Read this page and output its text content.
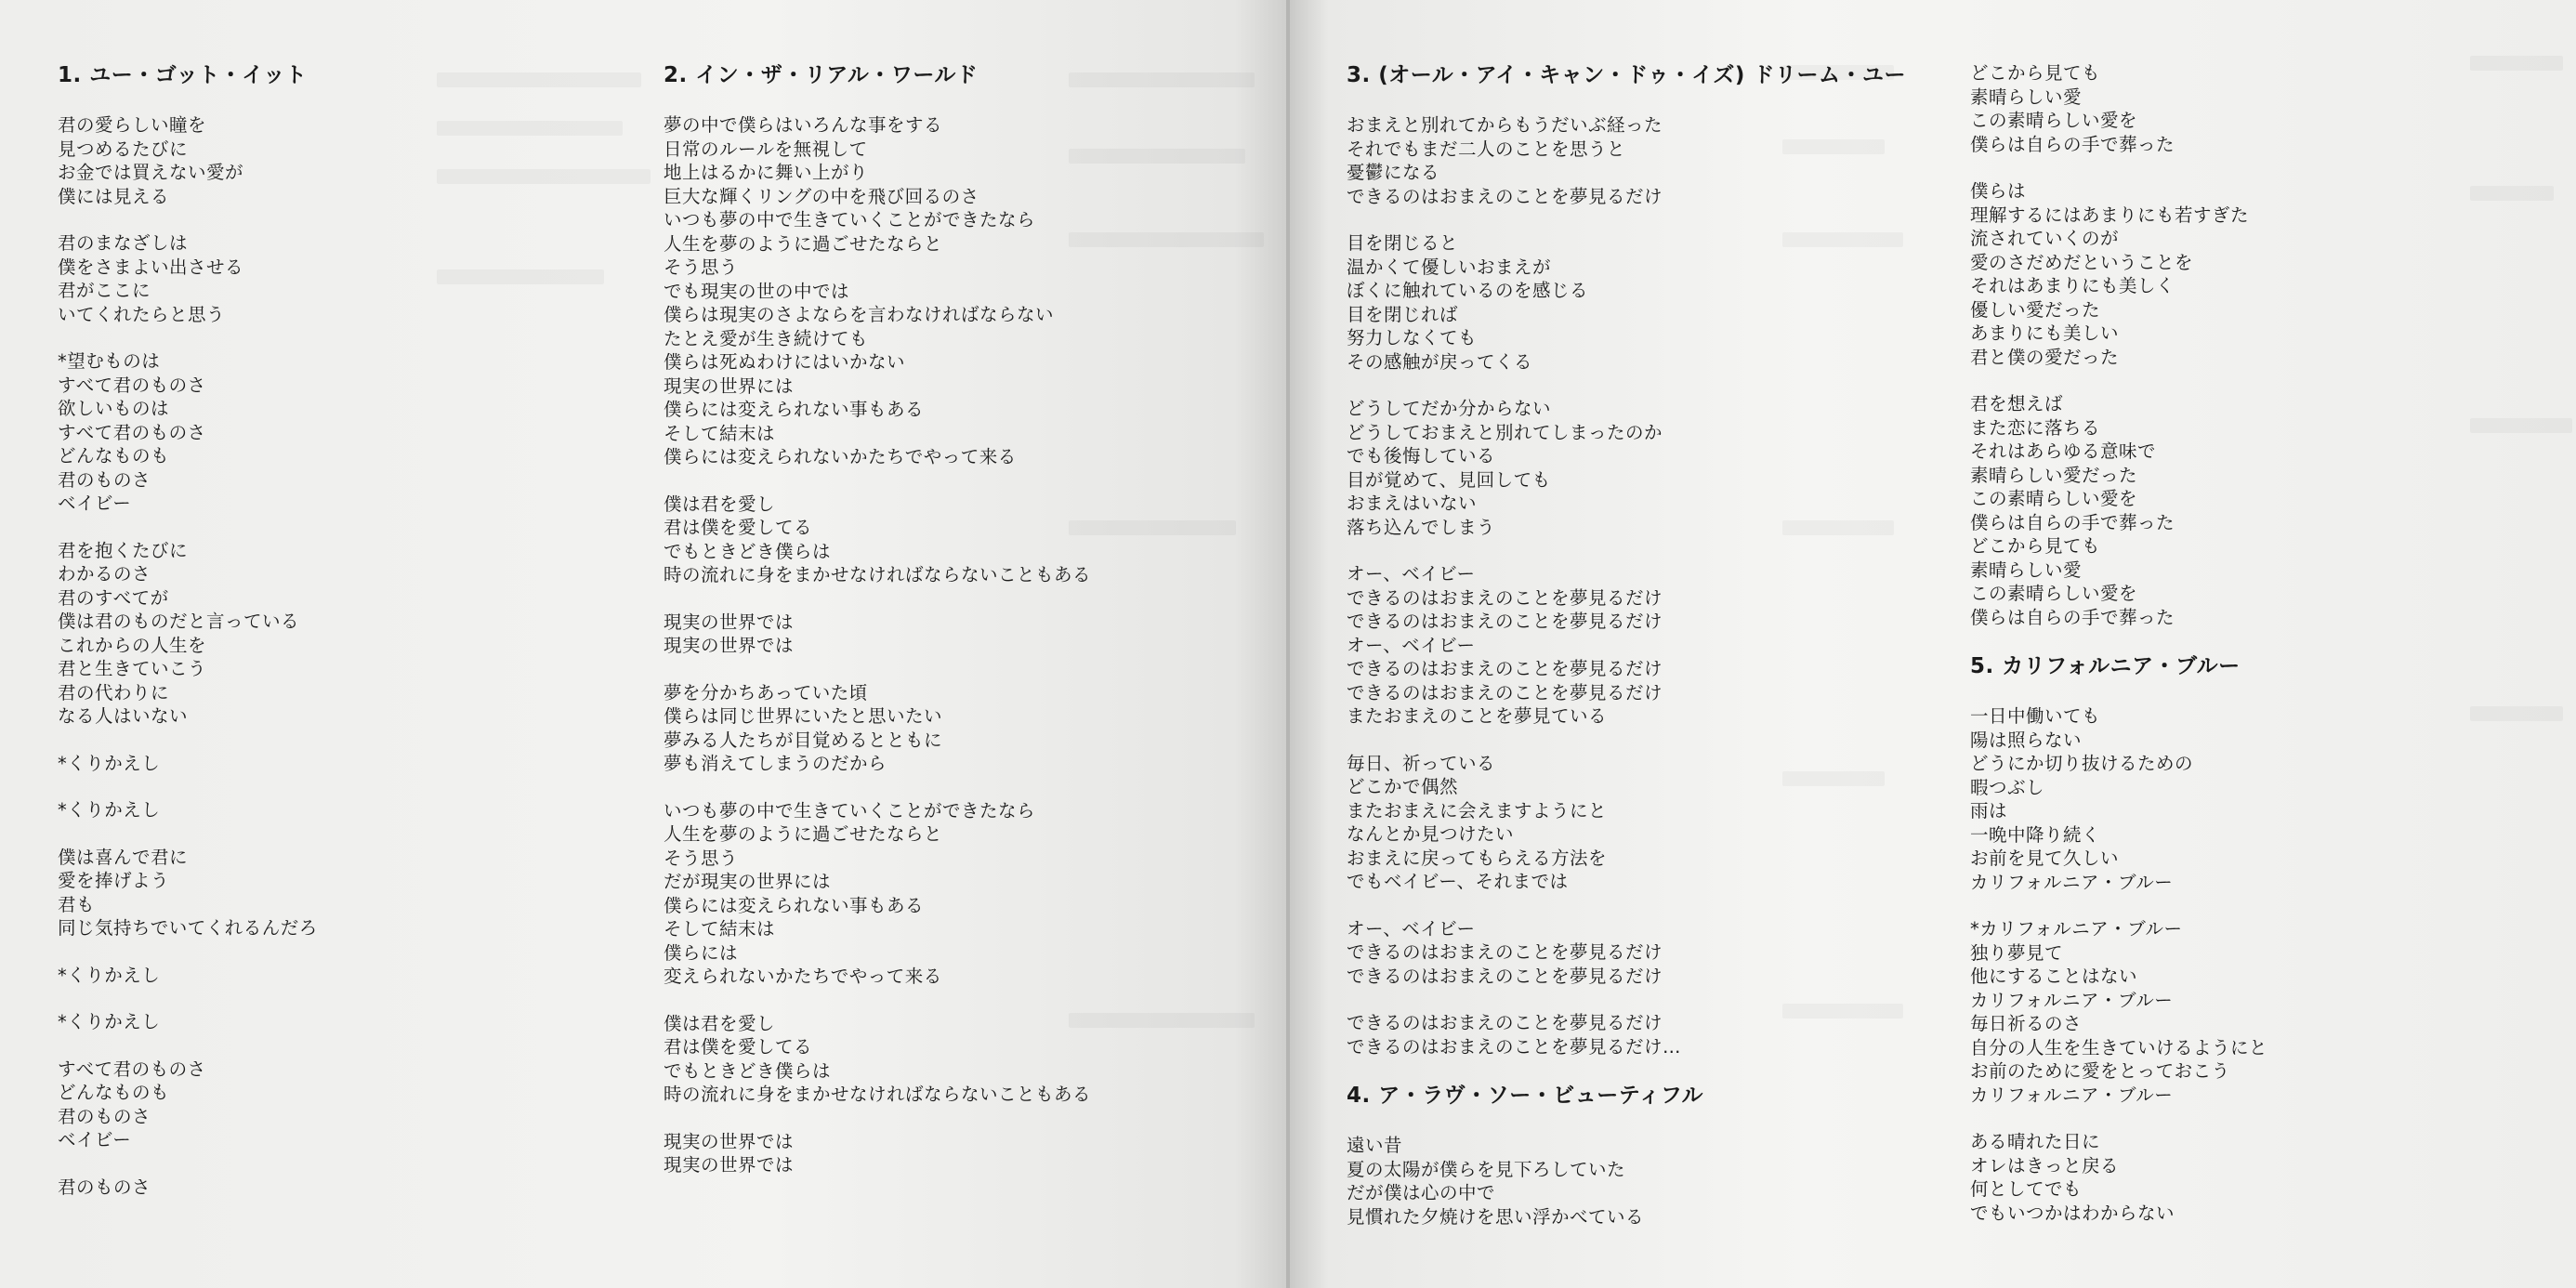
1. ユー・ゴット・イット
君の愛らしい瞳を
見つめるたびに
お金では買えない愛が
僕には見える
君のまなざしは
僕をさまよい出させる
君がここに
いてくれたらと思う
*望むものは
すべて君のものさ
欲しいものは
すべて君のものさ
どんなものも
君のものさ
ベイビー
君を抱くたびに
わかるのさ
君のすべてが
僕は君のものだと言っている
これからの人生を
君と生きていこう
君の代わりに
なる人はいない
*くりかえし
*くりかえし
僕は喜んで君に
愛を捧げよう
君も
同じ気持ちでいてくれるんだろ
*くりかえし
*くりかえし
すべて君のものさ
どんなものも
君のものさ
ベイビー
君のものさ
2. イン・ザ・リアル・ワールド
夢の中で僕らはいろんな事をする
日常のルールを無視して
地上はるかに舞い上がり
巨大な輝くリングの中を飛び回るのさ
いつも夢の中で生きていくことができたなら
人生を夢のように過ごせたならと
そう思う
でも現実の世の中では
僕らは現実のさよならを言わなければならない
たとえ愛が生き続けても
僕らは死ぬわけにはいかない
現実の世界には
僕らには変えられない事もある
そして結末は
僕らには変えられないかたちでやって来る
僕は君を愛し
君は僕を愛してる
でもときどき僕らは
時の流れに身をまかせなければならないこともある
現実の世界では
現実の世界では
夢を分かちあっていた頃
僕らは同じ世界にいたと思いたい
夢みる人たちが目覚めるとともに
夢も消えてしまうのだから
いつも夢の中で生きていくことができたなら
人生を夢のように過ごせたならと
そう思う
だが現実の世界には
僕らには変えられない事もある
そして結末は
僕らには
変えられないかたちでやって来る
僕は君を愛し
君は僕を愛してる
でもときどき僕らは
時の流れに身をまかせなければならないこともある
現実の世界では
現実の世界では
3. (オール・アイ・キャン・ドゥ・イズ) ドリーム・ユー
おまえと別れてからもうだいぶ経った
それでもまだ二人のことを思うと
憂鬱になる
できるのはおまえのことを夢見るだけ
目を閉じると
温かくて優しいおまえが
ぼくに触れているのを感じる
目を閉じれば
努力しなくても
その感触が戻ってくる
どうしてだか分からない
どうしておまえと別れてしまったのか
でも後悔している
目が覚めて、見回しても
おまえはいない
落ち込んでしまう
オー、ベイビー
できるのはおまえのことを夢見るだけ
できるのはおまえのことを夢見るだけ
オー、ベイビー
できるのはおまえのことを夢見るだけ
できるのはおまえのことを夢見るだけ
またおまえのことを夢見ている
毎日、祈っている
どこかで偶然
またおまえに会えますようにと
なんとか見つけたい
おまえに戻ってもらえる方法を
でもベイビー、それまでは
オー、ベイビー
できるのはおまえのことを夢見るだけ
できるのはおまえのことを夢見るだけ
できるのはおまえのことを夢見るだけ
できるのはおまえのことを夢見るだけ…
4. ア・ラヴ・ソー・ビューティフル
遠い昔
夏の太陽が僕らを見下ろしていた
だが僕は心の中で
見慣れた夕焼けを思い浮かべている
どこから見ても
素晴らしい愛
この素晴らしい愛を
僕らは自らの手で葬った
僕らは
理解するにはあまりにも若すぎた
流されていくのが
愛のさだめだということを
それはあまりにも美しく
優しい愛だった
あまりにも美しい
君と僕の愛だった
君を想えば
また恋に落ちる
それはあらゆる意味で
素晴らしい愛だった
この素晴らしい愛を
僕らは自らの手で葬った
どこから見ても
素晴らしい愛
この素晴らしい愛を
僕らは自らの手で葬った
5. カリフォルニア・ブルー
一日中働いても
陽は照らない
どうにか切り抜けるための
暇つぶし
雨は
一晩中降り続く
お前を見て久しい
カリフォルニア・ブルー
*カリフォルニア・ブルー
独り夢見て
他にすることはない
カリフォルニア・ブルー
毎日祈るのさ
自分の人生を生きていけるようにと
お前のために愛をとっておこう
カリフォルニア・ブルー
ある晴れた日に
オレはきっと戻る
何としてでも
でもいつかはわからない
